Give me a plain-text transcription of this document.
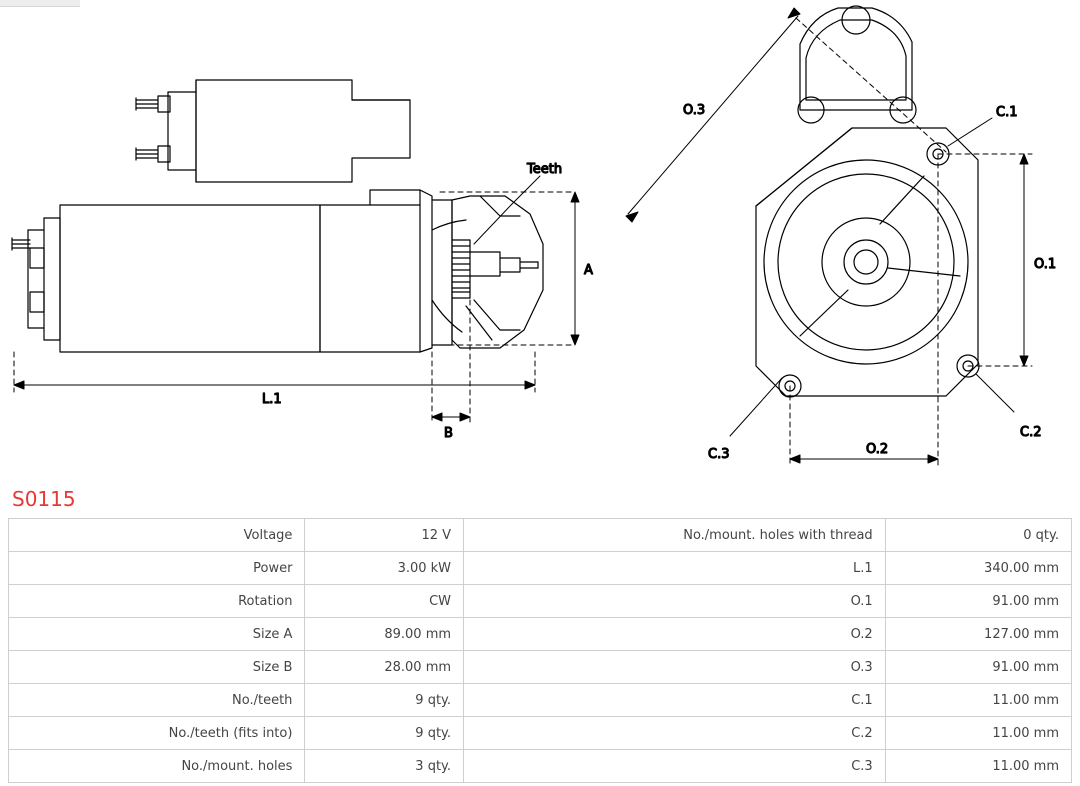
Teeth
A
L.1
B
O.3
O.1
O.2
C.1
C.2
C.3
S0115
Voltage	12 V	No./mount. holes with thread	0 qty.
Power	3.00 kW	L.1	340.00 mm
Rotation	CW	O.1	91.00 mm
Size A	89.00 mm	O.2	127.00 mm
Size B	28.00 mm	O.3	91.00 mm
No./teeth	9 qty.	C.1	11.00 mm
No./teeth (fits into)	9 qty.	C.2	11.00 mm
No./mount. holes	3 qty.	C.3	11.00 mm
